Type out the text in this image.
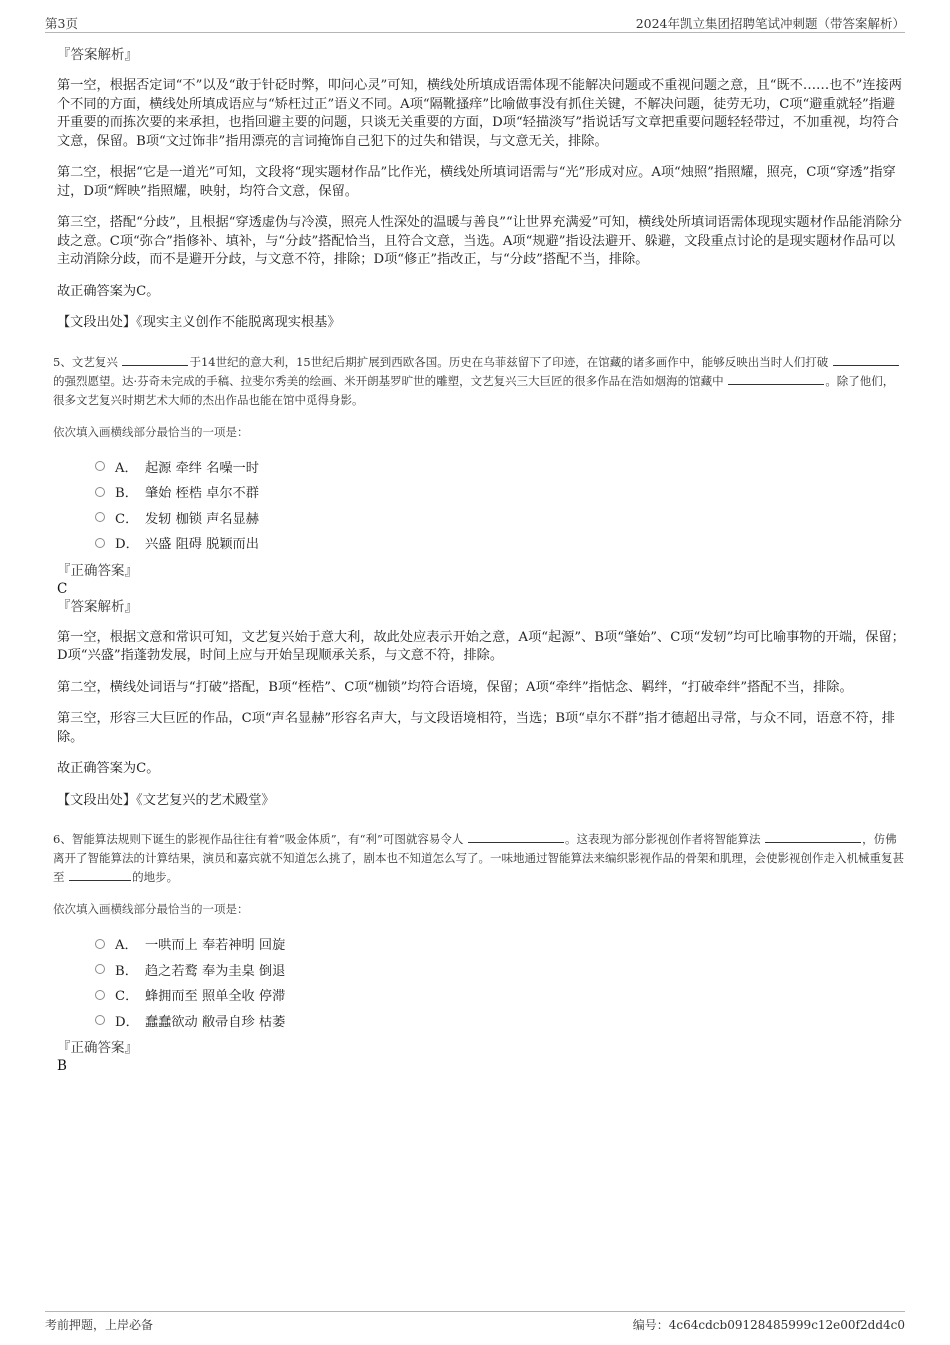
第3页	2024年凯立集团招聘笔试冲刺题（带答案解析）

『答案解析』

第一空，根据否定词“不”以及“敢于针砭时弊，叩问心灵”可知，横线处所填成语需体现不能解决问题或不重视问题之意，且“既不……也不”连接两个不同的方面，横线处所填成语应与“矫枉过正”语义不同。A项“隔靴搔痒”比喻做事没有抓住关键，不解决问题，徒劳无功，C项“避重就轻”指避开重要的而拣次要的来承担，也指回避主要的问题，只谈无关重要的方面，D项“轻描淡写”指说话写文章把重要问题轻轻带过，不加重视，均符合文意，保留。B项“文过饰非”指用漂亮的言词掩饰自己犯下的过失和错误，与文意无关，排除。

第二空，根据“它是一道光”可知，文段将“现实题材作品”比作光，横线处所填词语需与“光”形成对应。A项“烛照”指照耀，照亮，C项“穿透”指穿过，D项“辉映”指照耀，映射，均符合文意，保留。

第三空，搭配“分歧”，且根据“穿透虚伪与冷漠，照亮人性深处的温暖与善良”“让世界充满爱”可知，横线处所填词语需体现现实题材作品能消除分歧之意。C项“弥合”指修补、填补，与“分歧”搭配恰当，且符合文意，当选。A项“规避”指设法避开、躲避，文段重点讨论的是现实题材作品可以主动消除分歧，而不是避开分歧，与文意不符，排除；D项“修正”指改正，与“分歧”搭配不当，排除。

故正确答案为C。

【文段出处】《现实主义创作不能脱离现实根基》

5、文艺复兴	于14世纪的意大利，15世纪后期扩展到西欧各国。历史在乌菲兹留下了印迹，在馆藏的诸多画作中，能够反映出当时人们打破 的强烈愿望。达·芬奇未完成的手稿、拉斐尔秀美的绘画、米开朗基罗旷世的雕塑，文艺复兴三大巨匠的很多作品在浩如烟海的馆藏中	。除了他们，很多文艺复兴时期艺术大师的杰出作品也能在馆中觅得身影。

依次填入画横线部分最恰当的一项是：

A． 起源 牵绊 名噪一时
B． 肇始 桎梏 卓尔不群
C． 发轫 枷锁 声名显赫
D． 兴盛 阻碍 脱颖而出

『正确答案』

C

『答案解析』

第一空，根据文意和常识可知，文艺复兴始于意大利，故此处应表示开始之意，A项“起源”、B项“肇始”、C项“发轫”均可比喻事物的开端，保留；D项“兴盛”指蓬勃发展，时间上应与开始呈现顺承关系，与文意不符，排除。

第二空，横线处词语与“打破”搭配，B项“桎梏”、C项“枷锁”均符合语境，保留；A项“牵绊”指惦念、羁绊，“打破牵绊”搭配不当，排除。

第三空，形容三大巨匠的作品，C项“声名显赫”形容名声大，与文段语境相符，当选；B项“卓尔不群”指才德超出寻常，与众不同，语意不符，排除。

故正确答案为C。

【文段出处】《文艺复兴的艺术殿堂》

6、智能算法规则下诞生的影视作品往往有着“吸金体质”，有“利”可图就容易令人	。这表现为部分影视创作者将智能算法	，仿佛离开了智能算法的计算结果，演员和嘉宾就不知道怎么挑了，剧本也不知道怎么写了。一味地通过智能算法来编织影视作品的骨架和肌理，会使影视创作走入机械重复甚至	的地步。

依次填入画横线部分最恰当的一项是：

A． 一哄而上 奉若神明 回旋
B． 趋之若鹜 奉为圭臬 倒退
C． 蜂拥而至 照单全收 停滞
D． 蠢蠢欲动 敝帚自珍 枯萎

『正确答案』

B

考前押题，上岸必备	编号：4c64cdcb09128485999c12e00f2dd4c0
